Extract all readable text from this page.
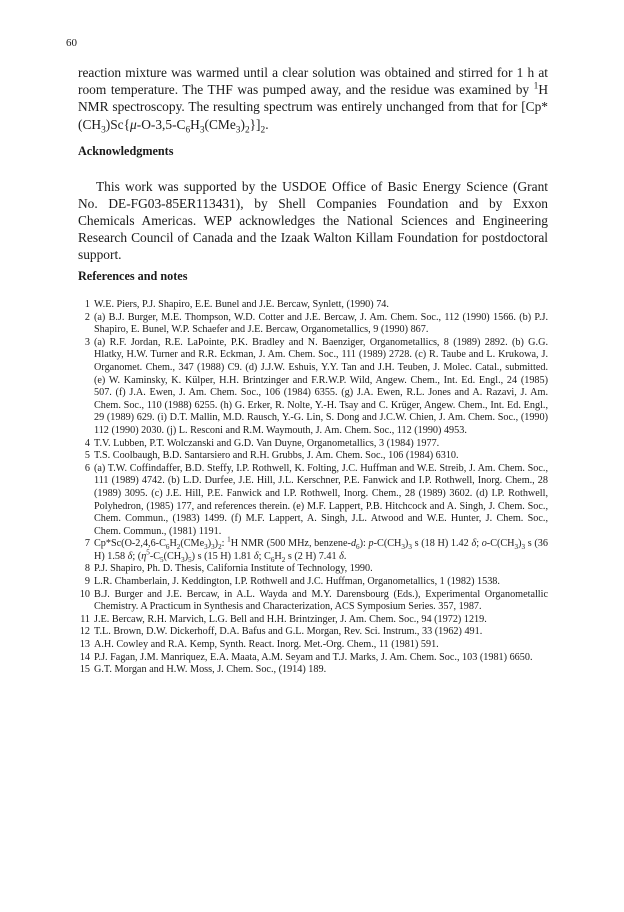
60

reaction mixture was warmed until a clear solution was obtained and stirred for 1 h at room temperature. The THF was pumped away, and the residue was examined by $^1$H NMR spectroscopy. The resulting spectrum was entirely unchanged from that for $[Cp*(CH_3)Sc\{\mu-O-3,5-C_6H_3(CMe_3)_2\}]_2$.

Acknowledgments

This work was supported by the USDOE Office of Basic Energy Science (Grant No. DE-FG03-85ER113431), by Shell Companies Foundation and by Exxon Chemicals Americas. WEP acknowledges the National Sciences and Engineering Research Council of Canada and the Izaak Walton Killam Foundation for postdoctoral support.

References and notes
1 W.E. Piers, P.J. Shapiro, E.E. Bunel and J.E. Bercaw, Synlett, (1990) 74.
2 (a) B.J. Burger, M.E. Thompson, W.D. Cotter and J.E. Bercaw, J. Am. Chem. Soc., 112 (1990) 1566. (b) P.J. Shapiro, E. Bunel, W.P. Schaefer and J.E. Bercaw, Organometallics, 9 (1990) 867.
3 (a) R.F. Jordan, R.E. LaPointe, P.K. Bradley and N. Baenziger, Organometallics, 8 (1989) 2892. (b) G.G. Hlatky, H.W. Turner and R.R. Eckman, J. Am. Chem. Soc., 111 (1989) 2728. (c) R. Taube and L. Krukowa, J. Organomet. Chem., 347 (1988) C9. (d) J.J.W. Eshuis, Y.Y. Tan and J.H. Teuben, J. Molec. Catal., submitted. (e) W. Kaminsky, K. Külper, H.H. Brintzinger and F.R.W.P. Wild, Angew. Chem., Int. Ed. Engl., 24 (1985) 507. (f) J.A. Ewen, J. Am. Chem. Soc., 106 (1984) 6355. (g) J.A. Ewen, R.L. Jones and A. Razavi, J. Am. Chem. Soc., 110 (1988) 6255. (h) G. Erker, R. Nolte, Y.-H. Tsay and C. Krüger, Angew. Chem., Int. Ed. Engl., 29 (1989) 629. (i) D.T. Mallin, M.D. Rausch, Y.-G. Lin, S. Dong and J.C.W. Chien, J. Am. Chem. Soc., (1990) 112 (1990) 2030. (j) L. Resconi and R.M. Waymouth, J. Am. Chem. Soc., 112 (1990) 4953.
4 T.V. Lubben, P.T. Wolczanski and G.D. Van Duyne, Organometallics, 3 (1984) 1977.
5 T.S. Coolbaugh, B.D. Santarsiero and R.H. Grubbs, J. Am. Chem. Soc., 106 (1984) 6310.
6 (a) T.W. Coffindaffer, B.D. Steffy, I.P. Rothwell, K. Folting, J.C. Huffman and W.E. Streib, J. Am. Chem. Soc., 111 (1989) 4742. (b) L.D. Durfee, J.E. Hill, J.L. Kerschner, P.E. Fanwick and I.P. Rothwell, Inorg. Chem., 28 (1989) 3095. (c) J.E. Hill, P.E. Fanwick and I.P. Rothwell, Inorg. Chem., 28 (1989) 3602. (d) I.P. Rothwell, Polyhedron, (1985) 177, and references therein. (e) M.F. Lappert, P.B. Hitchcock and A. Singh, J. Chem. Soc., Chem. Commun., (1983) 1499. (f) M.F. Lappert, A. Singh, J.L. Atwood and W.E. Hunter, J. Chem. Soc., Chem. Commun., (1981) 1191.
7 $Cp*Sc(O-2,4,6-C_6H_2(CMe_3)_3)_2$: $^1$H NMR (500 MHz, benzene-$d_6$): $p-C(CH_3)_3$ s (18 H) 1.42 δ; $o-C(CH_3)_3$ s (36 H) 1.58 δ; $(\eta^5-C_5(CH_3)_5)$ s (15 H) 1.81 δ; $C_6H_2$ s (2 H) 7.41 δ.
8 P.J. Shapiro, Ph. D. Thesis, California Institute of Technology, 1990.
9 L.R. Chamberlain, J. Keddington, I.P. Rothwell and J.C. Huffman, Organometallics, 1 (1982) 1538.
10 B.J. Burger and J.E. Bercaw, in A.L. Wayda and M.Y. Darensbourg (Eds.), Experimental Organometallic Chemistry. A Practicum in Synthesis and Characterization, ACS Symposium Series. 357, 1987.
11 J.E. Bercaw, R.H. Marvich, L.G. Bell and H.H. Brintzinger, J. Am. Chem. Soc., 94 (1972) 1219.
12 T.L. Brown, D.W. Dickerhoff, D.A. Bafus and G.L. Morgan, Rev. Sci. Instrum., 33 (1962) 491.
13 A.H. Cowley and R.A. Kemp, Synth. React. Inorg. Met.-Org. Chem., 11 (1981) 591.
14 P.J. Fagan, J.M. Manriquez, E.A. Maata, A.M. Seyam and T.J. Marks, J. Am. Chem. Soc., 103 (1981) 6650.
15 G.T. Morgan and H.W. Moss, J. Chem. Soc., (1914) 189.
